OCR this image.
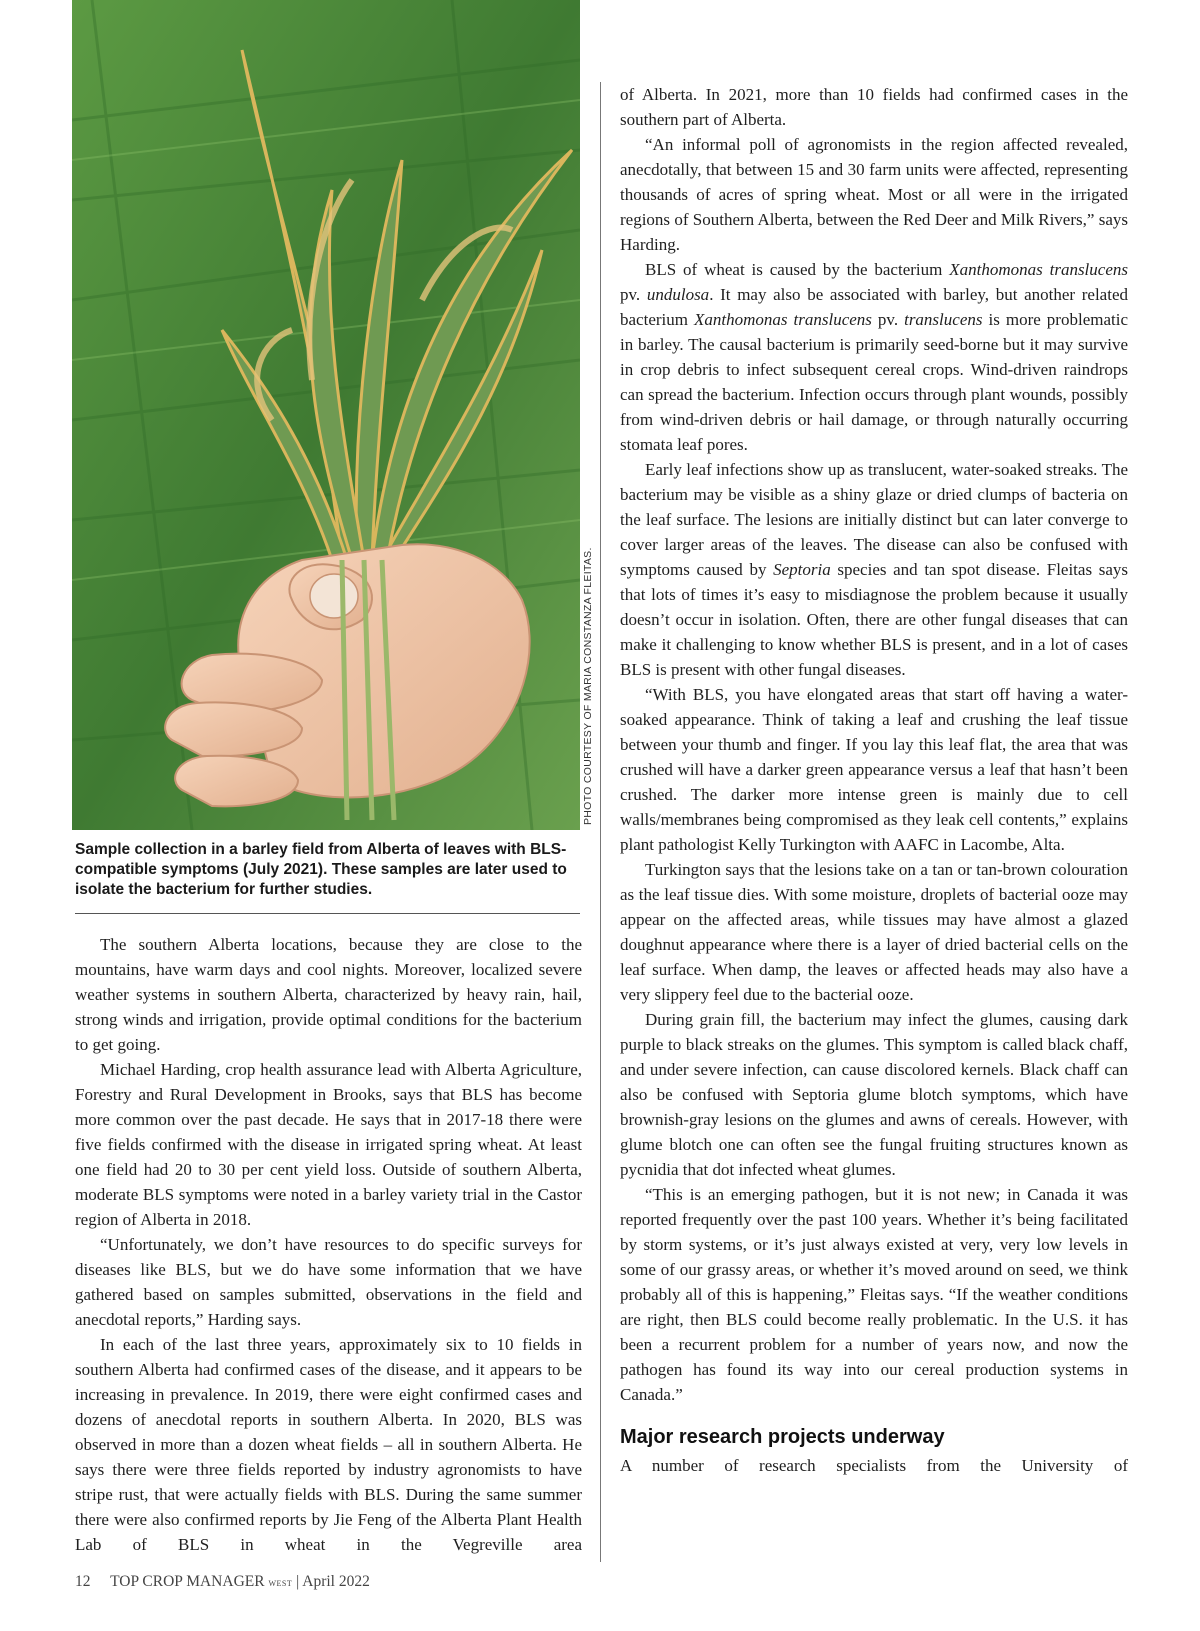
PHOTO COURTESY OF MARIA CONSTANZA FLEITAS.
Sample collection in a barley field from Alberta of leaves with BLS-compatible symptoms (July 2021). These samples are later used to isolate the bacterium for further studies.

The southern Alberta locations, because they are close to the mountains, have warm days and cool nights. Moreover, localized severe weather systems in southern Alberta, characterized by heavy rain, hail, strong winds and irrigation, provide optimal conditions for the bacterium to get going.

Michael Harding, crop health assurance lead with Alberta Agriculture, Forestry and Rural Development in Brooks, says that BLS has become more common over the past decade. He says that in 2017-18 there were five fields confirmed with the disease in irrigated spring wheat. At least one field had 20 to 30 per cent yield loss. Outside of southern Alberta, moderate BLS symptoms were noted in a barley variety trial in the Castor region of Alberta in 2018.

“Unfortunately, we don’t have resources to do specific surveys for diseases like BLS, but we do have some information that we have gathered based on samples submitted, observations in the field and anecdotal reports,” Harding says.

In each of the last three years, approximately six to 10 fields in southern Alberta had confirmed cases of the disease, and it appears to be increasing in prevalence. In 2019, there were eight confirmed cases and dozens of anecdotal reports in southern Alberta. In 2020, BLS was observed in more than a dozen wheat fields – all in southern Alberta. He says there were three fields reported by industry agronomists to have stripe rust, that were actually fields with BLS. During the same summer there were also confirmed reports by Jie Feng of the Alberta Plant Health Lab of BLS in wheat in the Vegreville area

of Alberta. In 2021, more than 10 fields had confirmed cases in the southern part of Alberta.

“An informal poll of agronomists in the region affected revealed, anecdotally, that between 15 and 30 farm units were affected, representing thousands of acres of spring wheat. Most or all were in the irrigated regions of Southern Alberta, between the Red Deer and Milk Rivers,” says Harding.

BLS of wheat is caused by the bacterium Xanthomonas translucens pv. undulosa. It may also be associated with barley, but another related bacterium Xanthomonas translucens pv. translucens is more problematic in barley. The causal bacterium is primarily seed-borne but it may survive in crop debris to infect subsequent cereal crops. Wind-driven raindrops can spread the bacterium. Infection occurs through plant wounds, possibly from wind-driven debris or hail damage, or through naturally occurring stomata leaf pores.

Early leaf infections show up as translucent, water-soaked streaks. The bacterium may be visible as a shiny glaze or dried clumps of bacteria on the leaf surface. The lesions are initially distinct but can later converge to cover larger areas of the leaves. The disease can also be confused with symptoms caused by Septoria species and tan spot disease. Fleitas says that lots of times it’s easy to misdiagnose the problem because it usually doesn’t occur in isolation. Often, there are other fungal diseases that can make it challenging to know whether BLS is present, and in a lot of cases BLS is present with other fungal diseases.

“With BLS, you have elongated areas that start off having a water-soaked appearance. Think of taking a leaf and crushing the leaf tissue between your thumb and finger. If you lay this leaf flat, the area that was crushed will have a darker green appearance versus a leaf that hasn’t been crushed. The darker more intense green is mainly due to cell walls/membranes being compromised as they leak cell contents,” explains plant pathologist Kelly Turkington with AAFC in Lacombe, Alta.

Turkington says that the lesions take on a tan or tan-brown colouration as the leaf tissue dies. With some moisture, droplets of bacterial ooze may appear on the affected areas, while tissues may have almost a glazed doughnut appearance where there is a layer of dried bacterial cells on the leaf surface. When damp, the leaves or affected heads may also have a very slippery feel due to the bacterial ooze.

During grain fill, the bacterium may infect the glumes, causing dark purple to black streaks on the glumes. This symptom is called black chaff, and under severe infection, can cause discolored kernels. Black chaff can also be confused with Septoria glume blotch symptoms, which have brownish-gray lesions on the glumes and awns of cereals. However, with glume blotch one can often see the fungal fruiting structures known as pycnidia that dot infected wheat glumes.

“This is an emerging pathogen, but it is not new; in Canada it was reported frequently over the past 100 years. Whether it’s being facilitated by storm systems, or it’s just always existed at very, very low levels in some of our grassy areas, or whether it’s moved around on seed, we think probably all of this is happening,” Fleitas says. “If the weather conditions are right, then BLS could become really problematic. In the U.S. it has been a recurrent problem for a number of years now, and now the pathogen has found its way into our cereal production systems in Canada.”

Major research projects underway

A number of research specialists from the University of

12 TOP CROP MANAGER west | April 2022
